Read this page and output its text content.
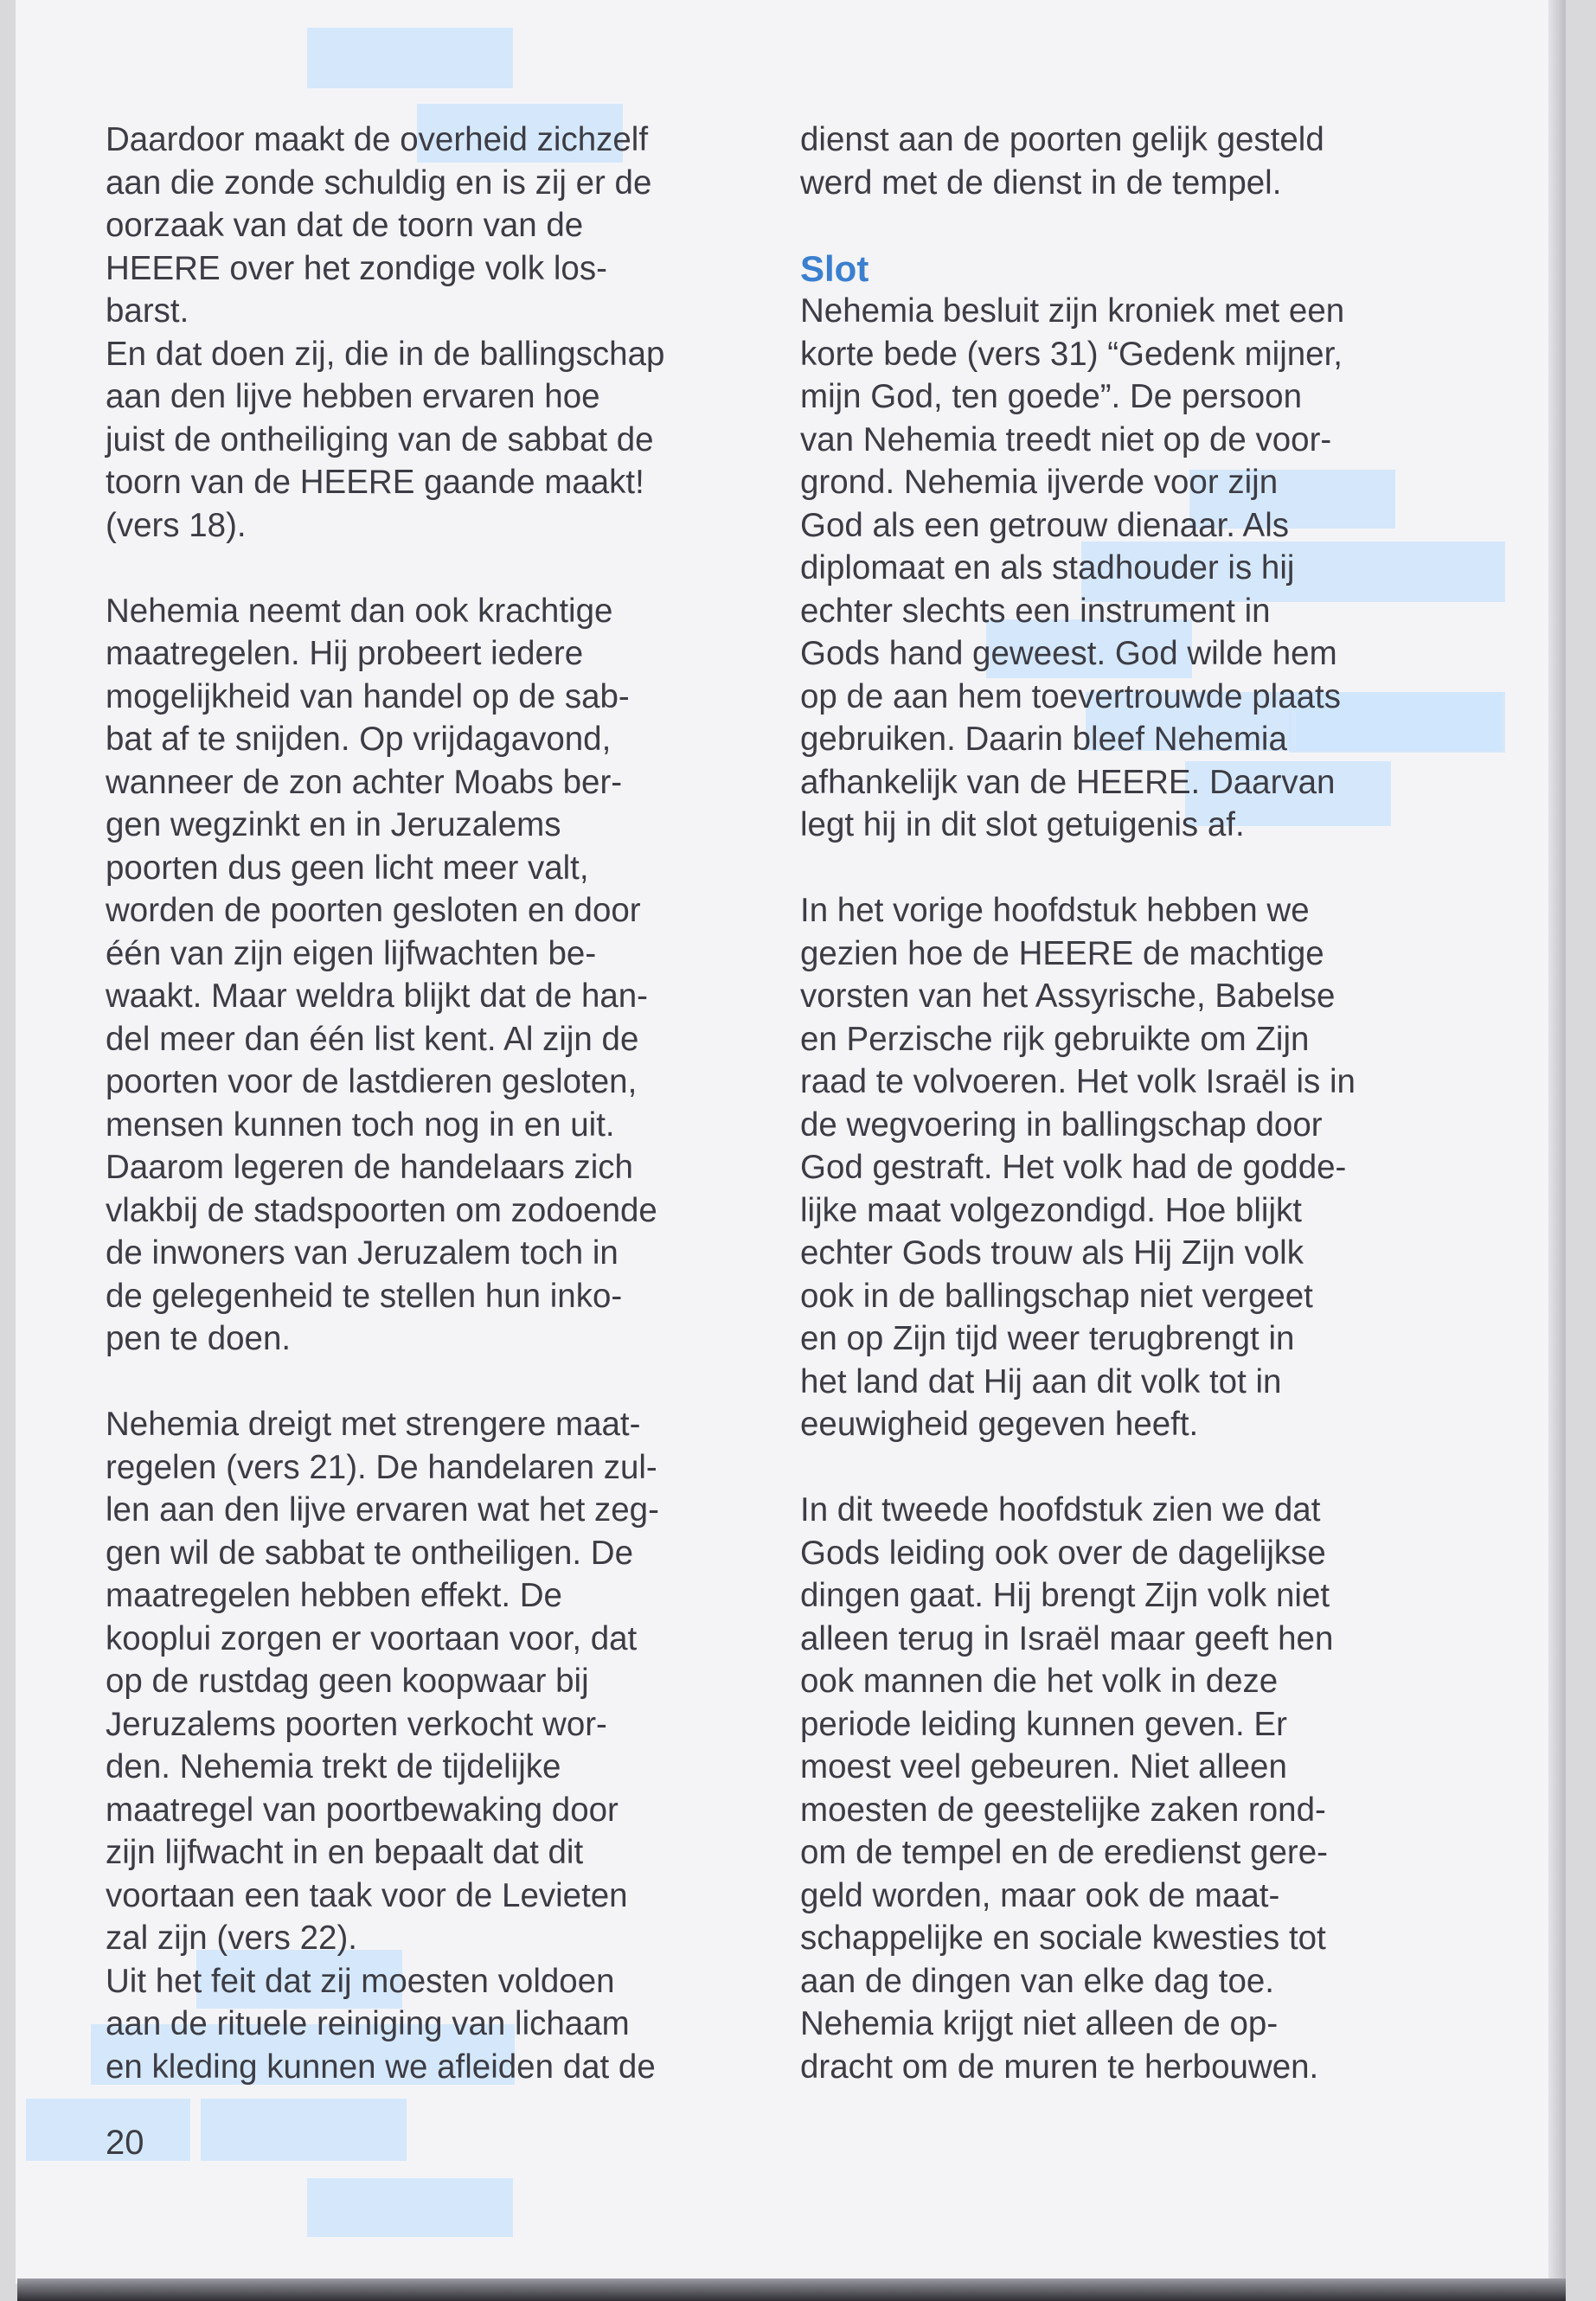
Daardoor maakt de overheid zichzelf
aan die zonde schuldig en is zij er de
oorzaak van dat de toorn van de
HEERE over het zondige volk los-
barst.
En dat doen zij, die in de ballingschap
aan den lijve hebben ervaren hoe
juist de ontheiliging van de sabbat de
toorn van de HEERE gaande maakt!
(vers 18).
Nehemia neemt dan ook krachtige
maatregelen. Hij probeert iedere
mogelijkheid van handel op de sab-
bat af te snijden. Op vrijdagavond,
wanneer de zon achter Moabs ber-
gen wegzinkt en in Jeruzalems
poorten dus geen licht meer valt,
worden de poorten gesloten en door
één van zijn eigen lijfwachten be-
waakt. Maar weldra blijkt dat de han-
del meer dan één list kent. Al zijn de
poorten voor de lastdieren gesloten,
mensen kunnen toch nog in en uit.
Daarom legeren de handelaars zich
vlakbij de stadspoorten om zodoende
de inwoners van Jeruzalem toch in
de gelegenheid te stellen hun inko-
pen te doen.
Nehemia dreigt met strengere maat-
regelen (vers 21). De handelaren zul-
len aan den lijve ervaren wat het zeg-
gen wil de sabbat te ontheiligen. De
maatregelen hebben effekt. De
kooplui zorgen er voortaan voor, dat
op de rustdag geen koopwaar bij
Jeruzalems poorten verkocht wor-
den. Nehemia trekt de tijdelijke
maatregel van poortbewaking door
zijn lijfwacht in en bepaalt dat dit
voortaan een taak voor de Levieten
zal zijn (vers 22).
Uit het feit dat zij moesten voldoen
aan de rituele reiniging van lichaam
en kleding kunnen we afleiden dat de
dienst aan de poorten gelijk gesteld
werd met de dienst in de tempel.

Slot

Nehemia besluit zijn kroniek met een
korte bede (vers 31) “Gedenk mijner,
mijn God, ten goede”. De persoon
van Nehemia treedt niet op de voor-
grond. Nehemia ijverde voor zijn
God als een getrouw dienaar. Als
diplomaat en als stadhouder is hij
echter slechts een instrument in
Gods hand geweest. God wilde hem
op de aan hem toevertrouwde plaats
gebruiken. Daarin bleef Nehemia
afhankelijk van de HEERE. Daarvan
legt hij in dit slot getuigenis af.
In het vorige hoofdstuk hebben we
gezien hoe de HEERE de machtige
vorsten van het Assyrische, Babelse
en Perzische rijk gebruikte om Zijn
raad te volvoeren. Het volk Israël is in
de wegvoering in ballingschap door
God gestraft. Het volk had de godde-
lijke maat volgezondigd. Hoe blijkt
echter Gods trouw als Hij Zijn volk
ook in de ballingschap niet vergeet
en op Zijn tijd weer terugbrengt in
het land dat Hij aan dit volk tot in
eeuwigheid gegeven heeft.
In dit tweede hoofdstuk zien we dat
Gods leiding ook over de dagelijkse
dingen gaat. Hij brengt Zijn volk niet
alleen terug in Israël maar geeft hen
ook mannen die het volk in deze
periode leiding kunnen geven. Er
moest veel gebeuren. Niet alleen
moesten de geestelijke zaken rond-
om de tempel en de eredienst gere-
geld worden, maar ook de maat-
schappelijke en sociale kwesties tot
aan de dingen van elke dag toe.
Nehemia krijgt niet alleen de op-
dracht om de muren te herbouwen.
20
